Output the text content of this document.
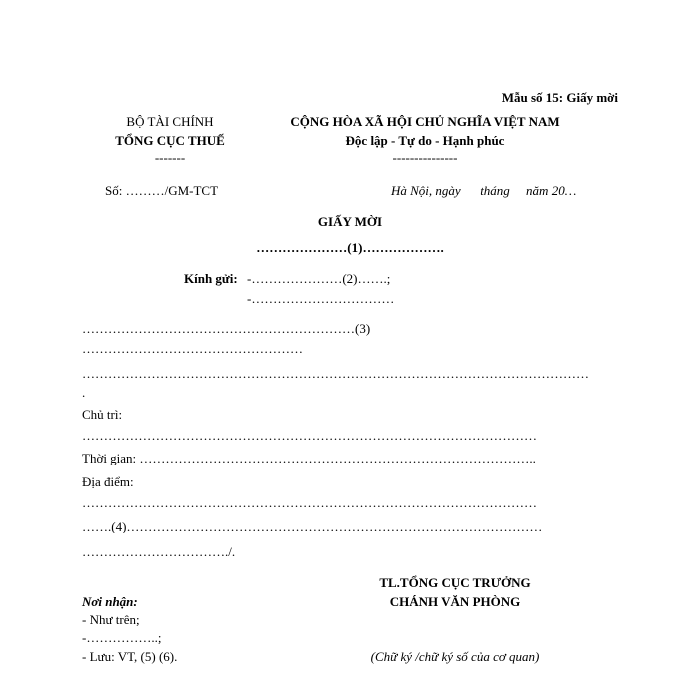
Mẫu số 15: Giấy mời
BỘ TÀI CHÍNH
TỔNG CỤC THUẾ
-------
CỘNG HÒA XÃ HỘI CHỦ NGHĨA VIỆT NAM
Độc lập - Tự do - Hạnh phúc
---------------
Số: ………/GM-TCT	Hà Nội, ngày      tháng     năm 20…
GIẤY MỜI
…………………(1)……………….
Kính gửi: -…………………(2)…….;
-……………………………
………………………………………………………(3)
……………………………………………
………………………………………………………………………………………………………
.
Chủ trì:
……………………………………………………………………………………………
Thời gian: ………………………………………………………………………………..
Địa điểm:
……………………………………………………………………………………………
…….(4)……………………………………………………………………………………
……………………………./.
TL.TỔNG CỤC TRƯỞNG
CHÁNH VĂN PHÒNG
(Chữ ký /chữ ký số của cơ quan)
Nơi nhận:
- Như trên;
-……………..;
- Lưu: VT, (5) (6).
